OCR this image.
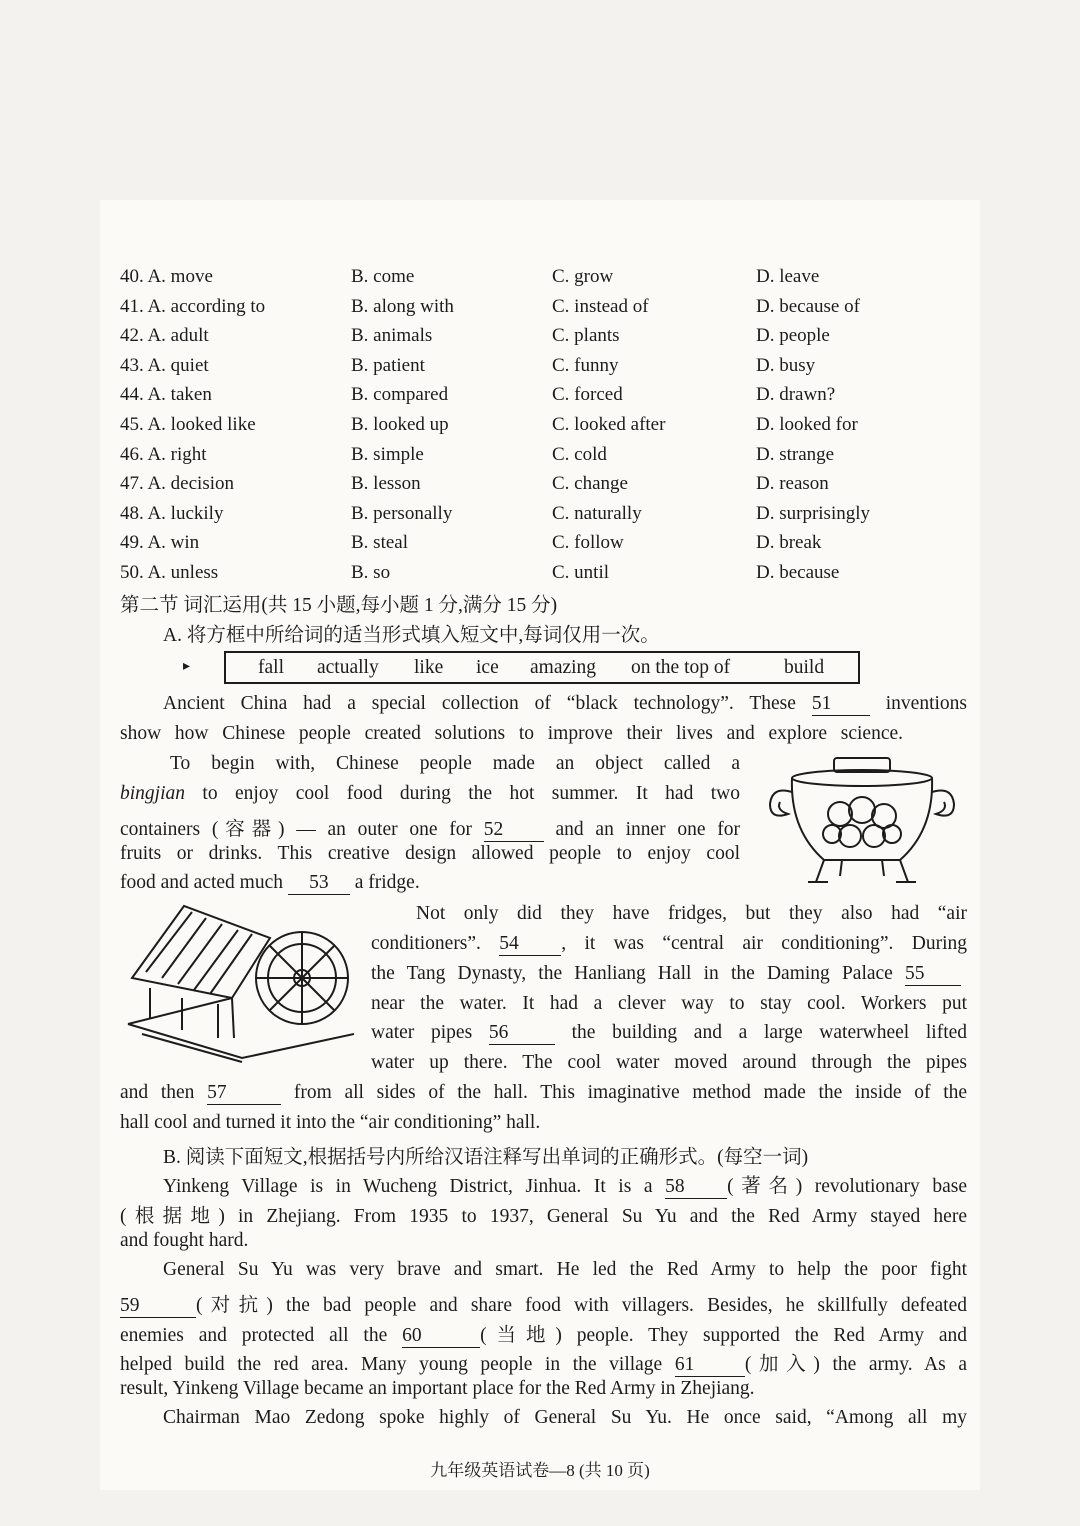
40. A. move	B. come	C. grow	D. leave
41. A. according to	B. along with	C. instead of	D. because of
42. A. adult	B. animals	C. plants	D. people
43. A. quiet	B. patient	C. funny	D. busy
44. A. taken	B. compared	C. forced	D. drawn?
45. A. looked like	B. looked up	C. looked after	D. looked for
46. A. right	B. simple	C. cold	D. strange
47. A. decision	B. lesson	C. change	D. reason
48. A. luckily	B. personally	C. naturally	D. surprisingly
49. A. win	B. steal	C. follow	D. break
50. A. unless	B. so	C. until	D. because
第二节 词汇运用(共 15 小题,每小题 1 分,满分 15 分)
A. 将方框中所给词的适当形式填入短文中,每词仅用一次。
▸	fall actually like ice amazing on the top of	build
Ancient China had a special collection of “black technology”. These 51	inventions
show how Chinese people created solutions to improve their lives and explore science.
To begin with, Chinese people made an object called a
bingjian to enjoy cool food during the hot summer. It had two
containers (容器) — an outer one for 52	and an inner one for
fruits or drinks. This creative design allowed people to enjoy cool
food and acted much 53 a fridge.
Not only did they have fridges, but they also had “air
conditioners”. 54 , it was “central air conditioning”. During
the Tang Dynasty, the Hanliang Hall in the Daming Palace 55
near the water. It had a clever way to stay cool. Workers put
water pipes 56	the building and a large waterwheel lifted
water up there. The cool water moved around through the pipes
and then 57	from all sides of the hall. This imaginative method made the inside of the
hall cool and turned it into the “air conditioning” hall.
B. 阅读下面短文,根据括号内所给汉语注释写出单词的正确形式。(每空一词)
Yinkeng Village is in Wucheng District, Jinhua. It is a 58 (著名) revolutionary base
(根据地) in Zhejiang. From 1935 to 1937, General Su Yu and the Red Army stayed here
and fought hard.
General Su Yu was very brave and smart. He led the Red Army to help the poor fight
59	(对抗) the bad people and share food with villagers. Besides, he skillfully defeated
enemies and protected all the 60	(当地) people. They supported the Red Army and
helped build the red area. Many young people in the village 61	(加入) the army. As a
result, Yinkeng Village became an important place for the Red Army in Zhejiang.
Chairman Mao Zedong spoke highly of General Su Yu. He once said, “Among all my
九年级英语试卷—8 (共 10 页)
